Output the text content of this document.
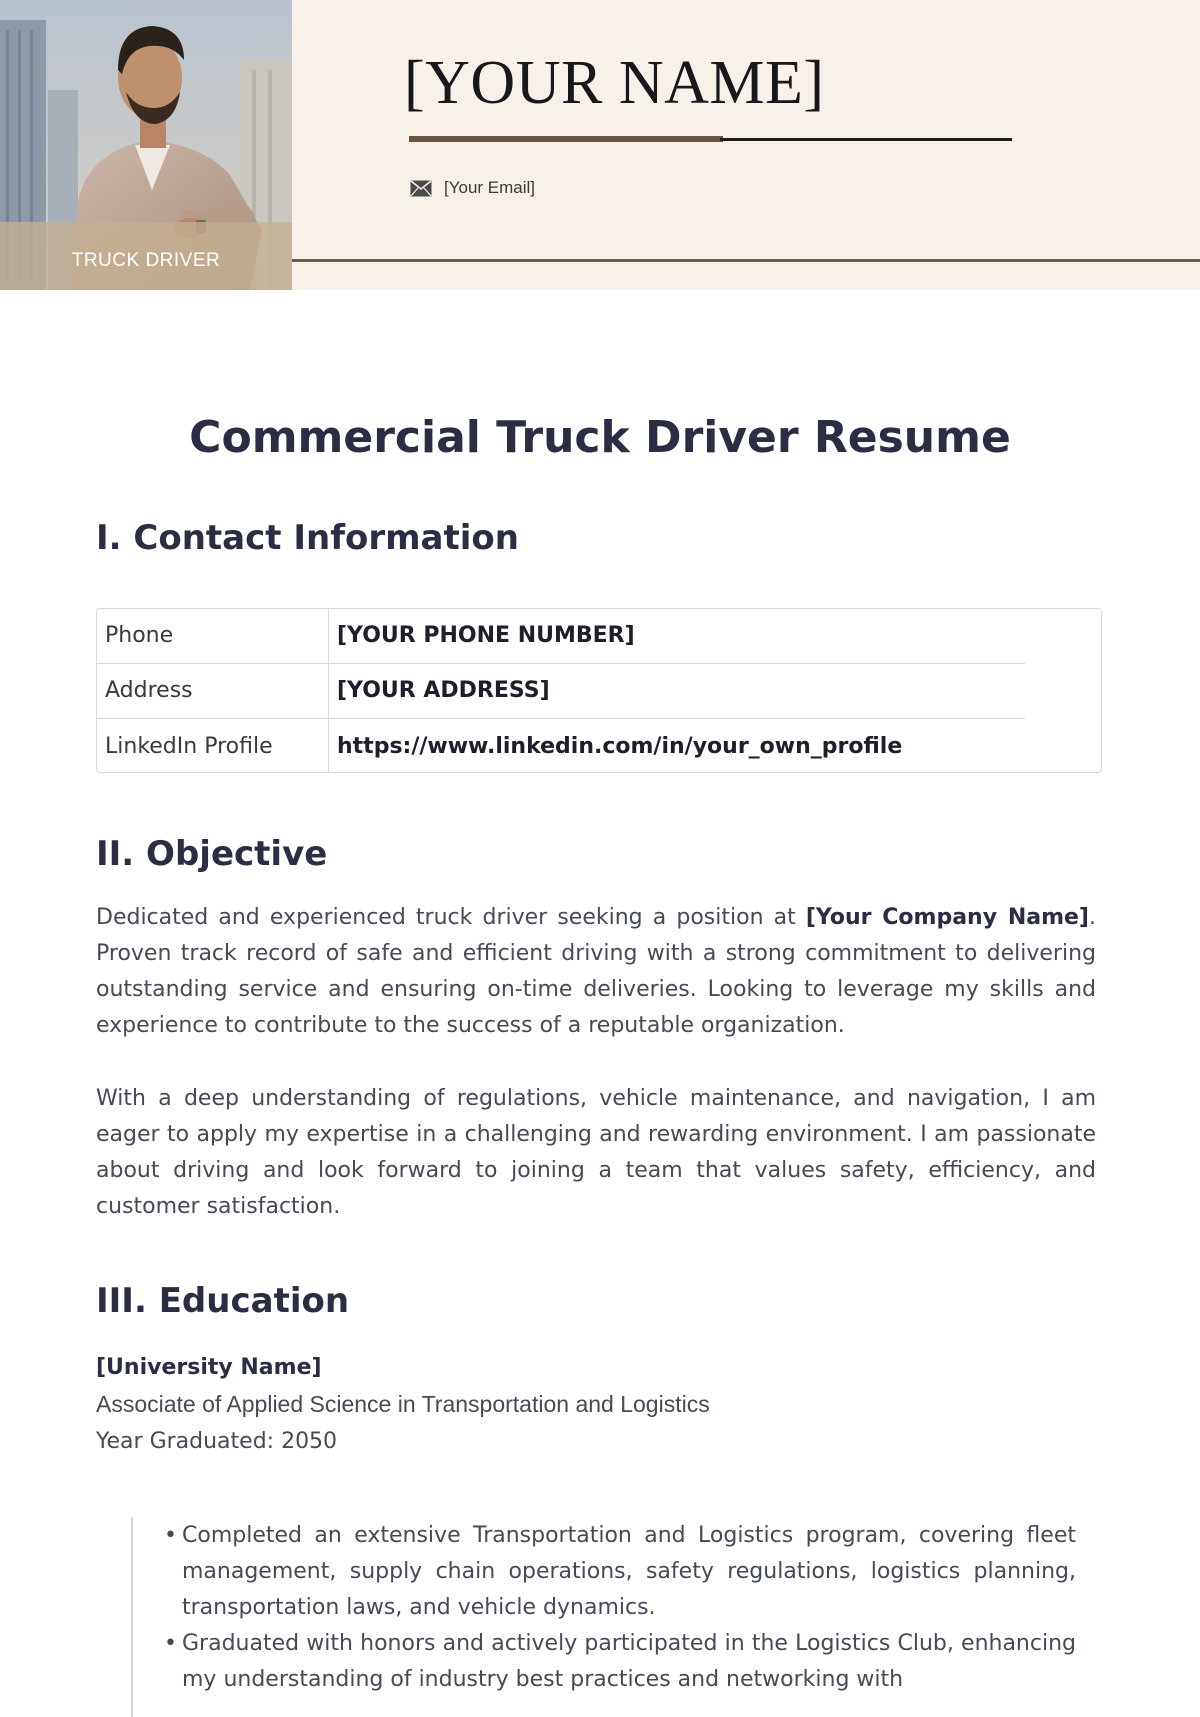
TRUCK DRIVER
[YOUR NAME]
[Your Email]
Commercial Truck Driver Resume
I. Contact Information
Phone	[YOUR PHONE NUMBER]
Address	[YOUR ADDRESS]
LinkedIn Profile	https://www.linkedin.com/in/your_own_profile
II. Objective

Dedicated and experienced truck driver seeking a position at [Your Company Name]. Proven track record of safe and efficient driving with a strong commitment to delivering outstanding service and ensuring on-time deliveries. Looking to leverage my skills and experience to contribute to the success of a reputable organization.

With a deep understanding of regulations, vehicle maintenance, and navigation, I am eager to apply my expertise in a challenging and rewarding environment. I am passionate about driving and look forward to joining a team that values safety, efficiency, and customer satisfaction.

III. Education
[University Name]
Associate of Applied Science in Transportation and Logistics
Year Graduated: 2050
• Completed an extensive Transportation and Logistics program, covering fleet management, supply chain operations, safety regulations, logistics planning, transportation laws, and vehicle dynamics.
• Graduated with honors and actively participated in the Logistics Club, enhancing my understanding of industry best practices and networking with
